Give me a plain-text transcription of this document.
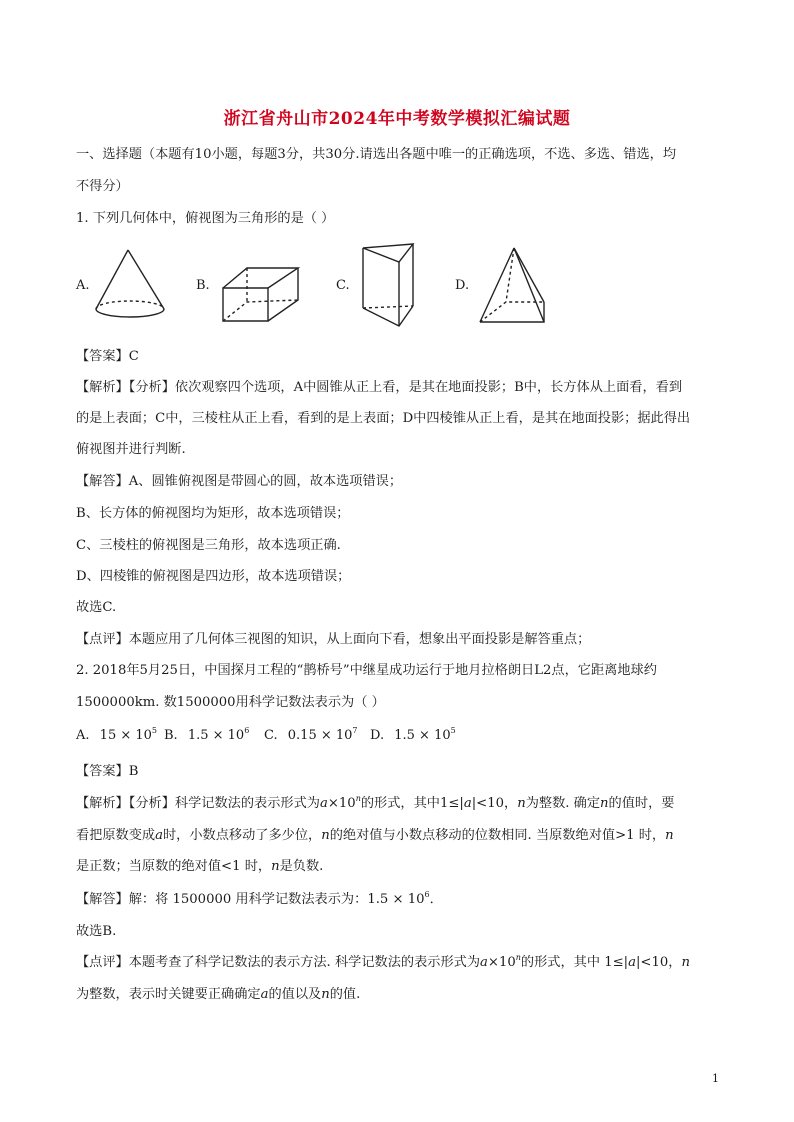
浙江省舟山市2024年中考数学模拟汇编试题
一、选择题（本题有10小题，每题3分，共30分.请选出各题中唯一的正确选项，不选、多选、错选，均
不得分）
1. 下列几何体中，俯视图为三角形的是（ ）
A.	B.	C.	D.
【答案】C
【解析】【分析】依次观察四个选项，A中圆锥从正上看，是其在地面投影；B中，长方体从上面看，看到
的是上表面；C中，三棱柱从正上看，看到的是上表面；D中四棱锥从正上看，是其在地面投影；据此得出
俯视图并进行判断.
【解答】A、圆锥俯视图是带圆心的圆，故本选项错误；
B、长方体的俯视图均为矩形，故本选项错误；
C、三棱柱的俯视图是三角形，故本选项正确.
D、四棱锥的俯视图是四边形，故本选项错误；
故选C.
【点评】本题应用了几何体三视图的知识，从上面向下看，想象出平面投影是解答重点；
2. 2018年5月25日，中国探月工程的“鹊桥号”中继星成功运行于地月拉格朗日L2点，它距离地球约
1500000km. 数1500000用科学记数法表示为（ ）
A. $15 \times 10^5$ B. $1.5 \times 10^6$ C. $0.15 \times 10^7$ D. $1.5 \times 10^5$
【答案】B
【解析】【分析】科学记数法的表示形式为$a\times 10^n$的形式，其中1≤|a|<10，n为整数. 确定n的值时，要
看把原数变成a时，小数点移动了多少位，n的绝对值与小数点移动的位数相同. 当原数绝对值>1 时，n
是正数；当原数的绝对值<1 时，n是负数.
【解答】解：将 1500000 用科学记数法表示为：$1.5 \times 10^6$．
故选B.
【点评】本题考查了科学记数法的表示方法. 科学记数法的表示形式为$a\times 10^n$的形式，其中 1≤|a|<10，n
为整数，表示时关键要正确确定a的值以及n的值.
1
